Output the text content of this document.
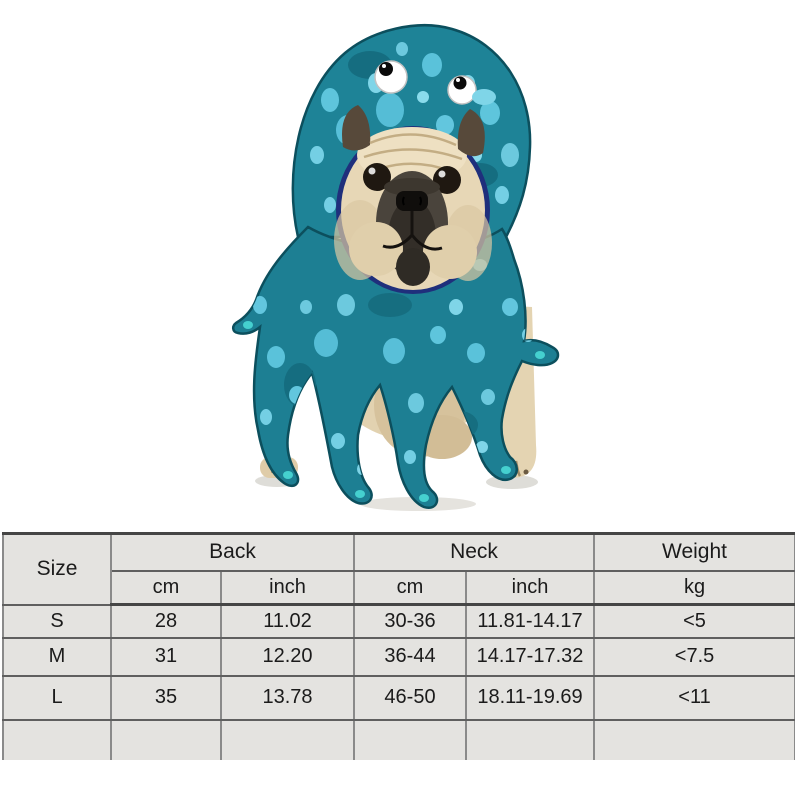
Size	Back		Neck		Weight
	cm	inch	cm	inch	kg
S	28	11.02	30-36	11.81-14.17	<5
M	31	12.20	36-44	14.17-17.32	<7.5
L	35	13.78	46-50	18.11-19.69	<11
